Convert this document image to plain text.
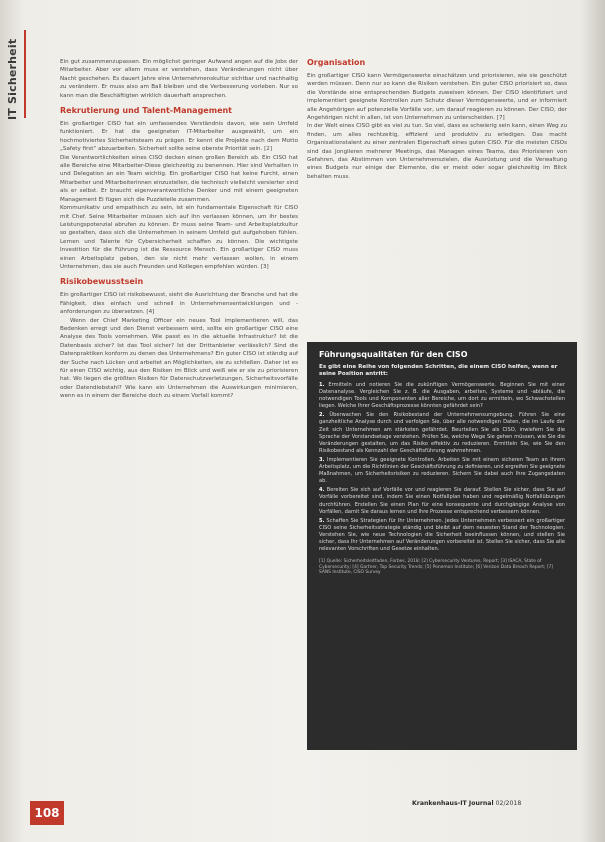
IT Sicherheit	Ein gut zusammenzupassen. Ein möglichst geringer Aufwand angen auf die Jobs der Mitarbeiter. Aber vor allem muss er verstehen, dass Veränderungen nicht über Nacht geschehen. Es dauert Jahre eine Unternehmenskultur sichtbar und nachhaltig zu verändern. Er muss also am Ball bleiben und die Verbesserung vorleben. Nur so kann man die Beschäftigten wirklich dauerhaft ansprechen.

Rekrutierung und Talent-Management

Ein großartiger CISO hat ein umfassendes Verständnis davon, wie sein Umfeld funktioniert. Er hat die geeigneten IT-Mitarbeiter ausgewählt, um ein hochmotiviertes Sicherheitsteam zu prägen. Er kennt die Projekte nach dem Motto „Safety first“ abzuarbeiten. Sicherheit sollte seine oberste Priorität sein. [2]

Die Verantwortlichkeiten eines CISO decken einen großen Bereich ab. Ein CISO hat alle Bereiche eine Mitarbeiter-Diese gleichzeitig zu benennen. Hier sind Verhalten in und Delegation an ein Team wichtig. Ein großartiger CISO hat keine Furcht, einen Mitarbeiter und Mitarbeiterinnen einzustellen, die technisch vielleicht versierter sind als er selbst. Er braucht eigenverantwortliche Denker und mit einem geeigneten Management Ei fügen sich die Puzzleteile zusammen.

Kommunikativ und empathisch zu sein, ist ein fundamentale Eigenschaft für CISO mit Chef. Seine Mitarbeiter müssen sich auf ihn verlassen können, um ihr bestes Leistungspotenzial abrufen zu können. Er muss seine Team- und Arbeitsplatzkultur so gestalten, dass sich die Unternehmen in seinem Umfeld gut aufgehoben fühlen. Lernen und Talente für Cybersicherheit schaffen zu können. Die wichtigste Investition für die Führung ist die Ressource Mensch. Ein großartiger CISO muss einen Arbeitsplatz geben, den sie nicht mehr verlassen wollen, in einem Unternehmen, das sie auch Freunden und Kollegen empfehlen würden. [3]

Risikobewusstsein

Ein großartiger CISO ist risikobewusst, sieht die Ausrichtung der Branche und hat die Fähigkeit, dies einfach und schnell in Unternehmensentwicklungen und -anforderungen zu übersetzen. [4]

Wenn der Chief Marketing Officer ein neues Tool implementieren will, das Bedenken erregt und den Dienst verbessern wird, sollte ein großartiger CISO eine Analyse des Tools vornehmen. Wie passt es in die aktuelle Infrastruktur? Ist die Datenbasis sicher? Ist das Tool sicher? Ist der Drittanbieter verlässlich? Sind die Datenpraktiken konform zu denen des Unternehmens? Ein guter CISO ist ständig auf der Suche nach Lücken und arbeitet an Möglichkeiten, sie zu schließen. Daher ist es für einen CISO wichtig, aus den Risiken im Blick und weiß wie er sie zu priorisieren hat. Wo liegen die größten Risiken für Datenschutzverletzungen, Sicherheitsvorfälle oder Datendiebstahl? Wie kann ein Unternehmen die Auswirkungen minimieren, wenn es in einem der Bereiche doch zu einem Vorfall kommt?

Organisation

Ein großartiger CISO kann Vermögenswerte einschätzen und priorisieren, wie sie geschützt werden müssen. Denn nur so kann die Risiken verstehen. Ein guter CISO priorisiert so, dass die Vorstände eine entsprechenden Budgets zuweisen können. Der CISO identifiziert und implementiert geeignete Kontrollen zum Schutz dieser Vermögenswerte, und er informiert alle Angehörigen auf potenzielle Vorfälle vor, um darauf reagieren zu können. Der CISO, der Angehörigen nicht in allen, ist von Unternehmen zu unterscheiden. [7]

In der Welt eines CISO gibt es viel zu tun. So viel, dass es schwierig sein kann, einen Weg zu finden, um alles rechtzeitig, effizient und produktiv zu erledigen. Das macht Organisationstalent zu einer zentralen Eigenschaft eines guten CISO. Für die meisten CISOs sind das Jonglieren mehrerer Meetings, das Managen eines Teams, das Priorisieren von Gefahren, das Abstimmen von Unternehmenszielen, die Ausrüstung und die Verwaltung eines Budgets nur einige der Elemente, die er meist oder sogar gleichzeitig im Blick behalten muss.

Führungsqualitäten für den CISO

Es gibt eine Reihe von folgenden Schritten, die einem CISO helfen, wenn er seine Position antritt:

1. Ermitteln und notieren Sie die zukünftigen Vermögenswerte. Beginnen Sie mit einer Datenanalyse. Vergleichen Sie z. B. die Ausgaben, arbeiten, Systeme und -abläufe, die notwendigen Tools und Komponenten aller Bereiche, um dort zu ermitteln, wo Schwachstellen liegen. Welche Ihrer Geschäftsprozesse könnten gefährdet sein?

2. Überwachen Sie den Risikobestand der Unternehmensumgebung. Führen Sie eine ganzheitliche Analyse durch und verfolgen Sie, über alle notwendigen Daten, die im Laufe der Zeit sich Unternehmen am stärksten gefährdet. Beurteilen Sie als CISO, inwiefern Sie die Sprache der Vorstandsetage verstehen. Prüfen Sie, welche Wege Sie gehen müssen, wie Sie die Veränderungen gestalten, um das Risiko effektiv zu reduzieren. Ermitteln Sie, wie Sie den Risikobestand als Kennzahl der Geschäftsführung wahrnehmen.

3. Implementieren Sie geeignete Kontrollen. Arbeiten Sie mit einem sicheren Team an Ihrem Arbeitsplatz, um die Richtlinien der Geschäftsführung zu definieren, und ergreifen Sie geeignete Maßnahmen, um Sicherheitsrisiken zu reduzieren. Sichern Sie dabei auch Ihre Zugangsdaten ab.

4. Bereiten Sie sich auf Vorfälle vor und reagieren Sie darauf. Stellen Sie sicher, dass Sie auf Vorfälle vorbereitet sind, indem Sie einen Notfallplan haben und regelmäßig Notfallübungen durchführen. Erstellen Sie einen Plan für eine konsequente und durchgängige Analyse von Vorfällen, damit Sie daraus lernen und Ihre Prozesse entsprechend verbessern können.

5. Schaffen Sie Strategien für Ihr Unternehmen. Jedes Unternehmen verbessert ein großartiger CISO seine Sicherheitsstrategie ständig und bleibt auf dem neuesten Stand der Technologien. Verstehen Sie, wie neue Technologien die Sicherheit beeinflussen können, und stellen Sie sicher, dass Ihr Unternehmen auf Veränderungen vorbereitet ist. Stellen Sie sicher, dass Sie alle relevanten Vorschriften und Gesetze einhalten.

[1] Quelle: Sicherheitsleitfaden, Forbes, 2018; [2] Cybersecurity Ventures, Report; [3] ISACA, State of Cybersecurity; [4] Gartner, Top Security Trends; [5] Ponemon Institute; [6] Verizon Data Breach Report; [7] SANS Institute, CISO Survey

108
Krankenhaus-IT Journal 02/2018
